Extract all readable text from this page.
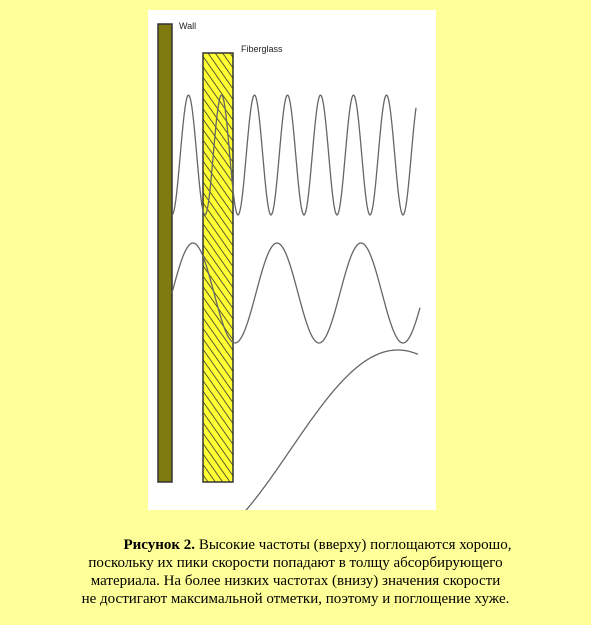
Wall
Fiberglass
Рисунок 2. Высокие частоты (вверху) поглощаются хорошо,
поскольку их пики скорости попадают в толщу абсорбирующего
материала. На более низких частотах (внизу) значения скорости
не достигают максимальной отметки, поэтому и поглощение хуже.
